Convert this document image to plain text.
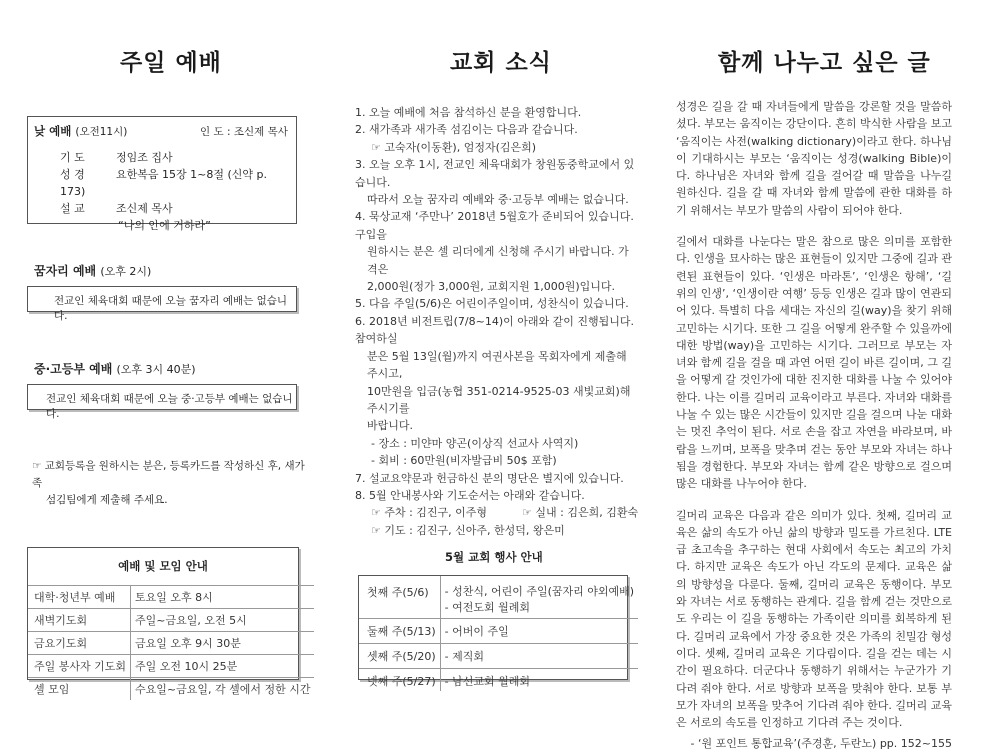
주일 예배	교회 소식	함께 나누고 싶은 글
낮 예배 (오전11시)	인 도 : 조신제 목사
기 도	정임조 집사
성 경	요한복음 15장 1~8절 (신약 p. 173)
설 교	조신제 목사
“나의 안에 거하라”
꿈자리 예배 (오후 2시)
전교인 체육대회 때문에 오늘 꿈자리 예배는 없습니다.
중·고등부 예배 (오후 3시 40분)
전교인 체육대회 때문에 오늘 중·고등부 예배는 없습니다.
☞ 교회등록을 원하시는 분은, 등록카드를 작성하신 후, 새가족
섬김팀에게 제출해 주세요.
예배 및 모임 안내
대학·청년부 예배	토요일 오후 8시
새벽기도회	주일~금요일, 오전 5시
금요기도회	금요일 오후 9시 30분
주일 봉사자 기도회	주일 오전 10시 25분
셀 모임	수요일~금요일, 각 셀에서 정한 시간
1. 오늘 예배에 처음 참석하신 분을 환영합니다.
2. 새가족과 새가족 섬김이는 다음과 같습니다.
☞ 고숙자(이동환), 엄정자(김은희)
3. 오늘 오후 1시, 전교인 체육대회가 창원동중학교에서 있습니다.
따라서 오늘 꿈자리 예배와 중·고등부 예배는 없습니다.
4. 묵상교재 ‘주만나’ 2018년 5월호가 준비되어 있습니다. 구입을
원하시는 분은 셀 리더에게 신청해 주시기 바랍니다. 가격은
2,000원(정가 3,000원, 교회지원 1,000원)입니다.
5. 다음 주일(5/6)은 어린이주일이며, 성찬식이 있습니다.
6. 2018년 비전트립(7/8~14)이 아래와 같이 진행됩니다. 참여하실
분은 5월 13일(월)까지 여권사본을 목회자에게 제출해 주시고,
10만원을 입금(농협 351-0214-9525-03 새빛교회)해 주시기를
바랍니다.
- 장소 : 미얀마 양곤(이상직 선교사 사역지)
- 회비 : 60만원(비자발급비 50$ 포함)
7. 설교요약문과 헌금하신 분의 명단은 별지에 있습니다.
8. 5월 안내봉사와 기도순서는 아래와 같습니다.
☞ 주차 : 김진구, 이주형          ☞ 실내 : 김은희, 김환숙
☞ 기도 : 김진구, 신아주, 한성덕, 왕은미
5월 교회 행사 안내
첫째 주(5/6)	- 성찬식, 어린이 주일(꿈자리 야외예배)
- 여전도회 월례회

둘째 주(5/13)	- 어버이 주일
셋째 주(5/20)	- 제직회
넷째 주(5/27)	- 남선교회 월례회

성경은 길을 갈 때 자녀들에게 말씀을 강론할 것을 말씀하셨다. 부모는 움직이는 강단이다. 흔히 박식한 사람을 보고 ‘움직이는 사전(walking dictionary)이라고 한다. 하나님이 기대하시는 부모는 ‘움직이는 성경(walking Bible)이다. 하나님은 자녀와 함께 길을 걸어갈 때 말씀을 나누길 원하신다. 길을 갈 때 자녀와 함께 말씀에 관한 대화를 하기 위해서는 부모가 말씀의 사람이 되어야 한다.

길에서 대화를 나눈다는 말은 참으로 많은 의미를 포함한다. 인생을 묘사하는 많은 표현들이 있지만 그중에 길과 관련된 표현들이 있다. ‘인생은 마라톤’, ‘인생은 항해’, ‘길 위의 인생’, ‘인생이란 여행’ 등등 인생은 길과 많이 연관되어 있다. 특별히 다음 세대는 자신의 길(way)을 찾기 위해 고민하는 시기다. 또한 그 길을 어떻게 완주할 수 있을까에 대한 방법(way)을 고민하는 시기다. 그러므로 부모는 자녀와 함께 길을 걸을 때 과연 어떤 길이 바른 길이며, 그 길을 어떻게 갈 것인가에 대한 진지한 대화를 나눌 수 있어야 한다. 나는 이를 길머리 교육이라고 부른다. 자녀와 대화를 나눌 수 있는 많은 시간들이 있지만 길을 걸으며 나눈 대화는 멋진 추억이 된다. 서로 손을 잡고 자연을 바라보며, 바람을 느끼며, 보폭을 맞추며 걷는 동안 부모와 자녀는 하나 됨을 경험한다. 부모와 자녀는 함께 같은 방향으로 걸으며 많은 대화를 나누어야 한다.

길머리 교육은 다음과 같은 의미가 있다. 첫째, 길머리 교육은 삶의 속도가 아닌 삶의 방향과 밀도를 가르친다. LTE급 초고속을 추구하는 현대 사회에서 속도는 최고의 가치다. 하지만 교육은 속도가 아닌 각도의 문제다. 교육은 삶의 방향성을 다룬다. 둘째, 길머리 교육은 동행이다. 부모와 자녀는 서로 동행하는 관계다. 길을 함께 걷는 것만으로도 우리는 이 길을 동행하는 가족이란 의미를 회복하게 된다. 길머리 교육에서 가장 중요한 것은 가족의 친밀감 형성이다. 셋째, 길머리 교육은 기다림이다. 길을 걷는 데는 시간이 필요하다. 더군다나 동행하기 위해서는 누군가가 기다려 줘야 한다. 서로 방향과 보폭을 맞춰야 한다. 보통 부모가 자녀의 보폭을 맞추어 기다려 줘야 한다. 길머리 교육은 서로의 속도를 인정하고 기다려 주는 것이다.

- ‘원 포인트 통합교육’(주경훈, 두란노) pp. 152~155
